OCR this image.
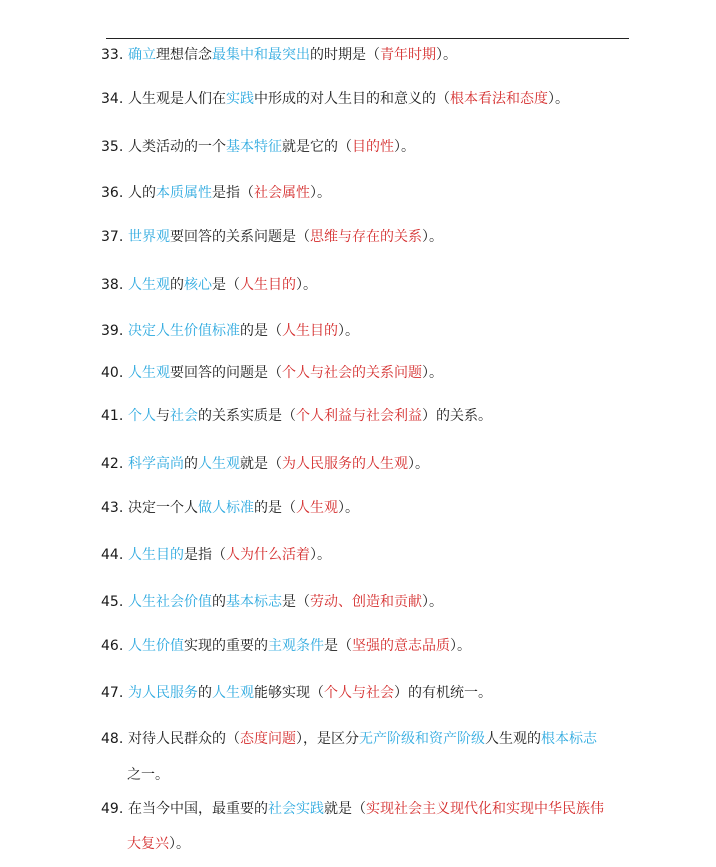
33. 确立理想信念最集中和最突出的时期是（青年时期）。
34. 人生观是人们在实践中形成的对人生目的和意义的（根本看法和态度）。
35. 人类活动的一个基本特征就是它的（目的性）。
36. 人的本质属性是指（社会属性）。
37. 世界观要回答的关系问题是（思维与存在的关系）。
38. 人生观的核心是（人生目的）。
39. 决定人生价值标准的是（人生目的）。
40. 人生观要回答的问题是（个人与社会的关系问题）。
41. 个人与社会的关系实质是（个人利益与社会利益）的关系。
42. 科学高尚的人生观就是（为人民服务的人生观）。
43. 决定一个人做人标准的是（人生观）。
44. 人生目的是指（人为什么活着）。
45. 人生社会价值的基本标志是（劳动、创造和贡献）。
46. 人生价值实现的重要的主观条件是（坚强的意志品质）。
47. 为人民服务的人生观能够实现（个人与社会）的有机统一。
48. 对待人民群众的（态度问题），是区分无产阶级和资产阶级人生观的根本标志
之一。
49. 在当今中国，最重要的社会实践就是（实现社会主义现代化和实现中华民族伟
大复兴）。
